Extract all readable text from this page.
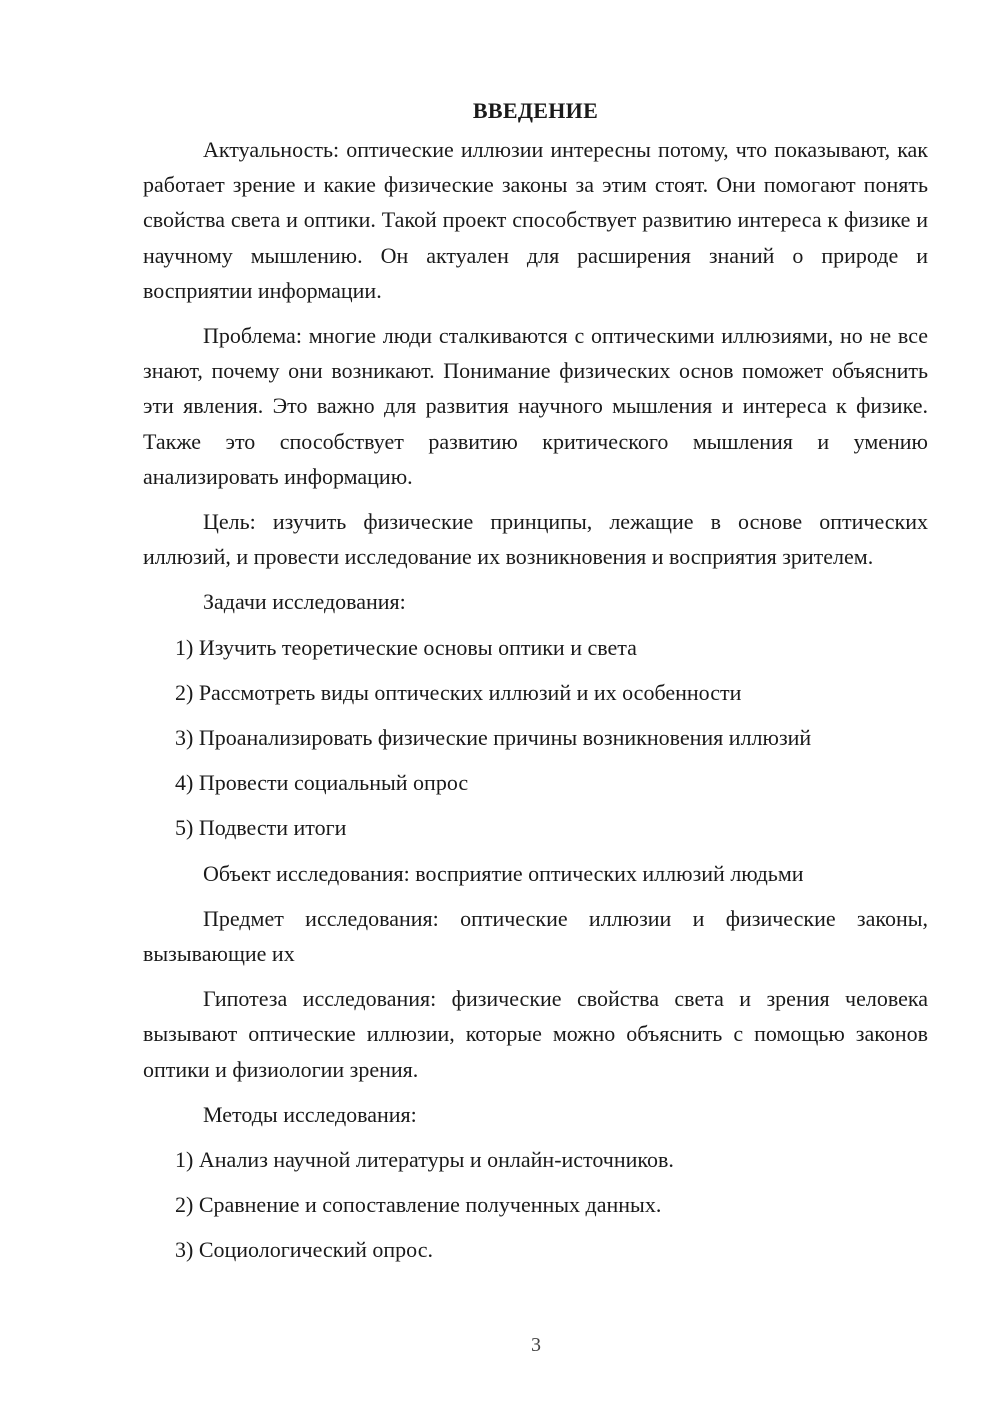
ВВЕДЕНИЕ

Актуальность: оптические иллюзии интересны потому, что показывают, как работает зрение и какие физические законы за этим стоят. Они помогают понять свойства света и оптики. Такой проект способствует развитию интереса к физике и научному мышлению. Он актуален для расширения знаний о природе и восприятии информации.

Проблема: многие люди сталкиваются с оптическими иллюзиями, но не все знают, почему они возникают. Понимание физических основ поможет объяснить эти явления. Это важно для развития научного мышления и интереса к физике. Также это способствует развитию критического мышления и умению анализировать информацию.

Цель: изучить физические принципы, лежащие в основе оптических иллюзий, и провести исследование их возникновения и восприятия зрителем.

Задачи исследования:
1) Изучить теоретические основы оптики и света
2) Рассмотреть виды оптических иллюзий и их особенности
3) Проанализировать физические причины возникновения иллюзий
4) Провести социальный опрос
5) Подвести итоги
Объект исследования: восприятие оптических иллюзий людьми

Предмет исследования: оптические иллюзии и физические законы, вызывающие их

Гипотеза исследования: физические свойства света и зрения человека вызывают оптические иллюзии, которые можно объяснить с помощью законов оптики и физиологии зрения.

Методы исследования:
1) Анализ научной литературы и онлайн-источников.
2) Сравнение и сопоставление полученных данных.
3) Социологический опрос.
3
